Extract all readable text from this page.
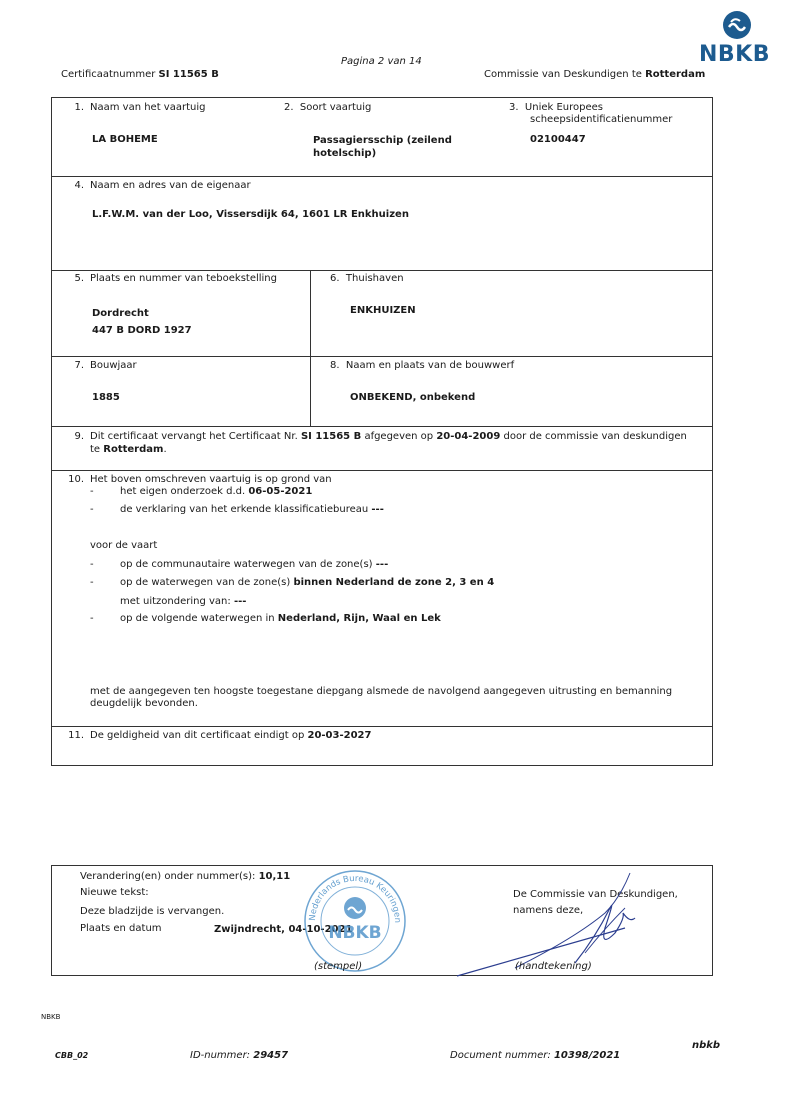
Pagina 2 van 14
Certificaatnummer SI 11565 B	Commissie van Deskundigen te Rotterdam
NBKB
1. Naam van het vaartuig
LA BOHEME
2. Soort vaartuig
Passagiersschip (zeilend
hotelschip)
3. Uniek Europees
scheepsidentificatienummer
02100447
4. Naam en adres van de eigenaar
L.F.W.M. van der Loo, Vissersdijk 64, 1601 LR Enkhuizen
5. Plaats en nummer van teboekstelling
Dordrecht
447 B DORD 1927
6. Thuishaven
ENKHUIZEN
7. Bouwjaar
1885
8. Naam en plaats van de bouwwerf
ONBEKEND, onbekend
9. Dit certificaat vervangt het Certificaat Nr. SI 11565 B afgegeven op 20-04-2009 door de commissie van deskundigen
te Rotterdam.
10. Het boven omschreven vaartuig is op grond van
-	het eigen onderzoek d.d. 06-05-2021
-	de verklaring van het erkende klassificatiebureau ---
voor de vaart
-	op de communautaire waterwegen van de zone(s) ---
-	op de waterwegen van de zone(s) binnen Nederland de zone 2, 3 en 4
met uitzondering van: ---
-	op de volgende waterwegen in Nederland, Rijn, Waal en Lek
met de aangegeven ten hoogste toegestane diepgang alsmede de navolgend aangegeven uitrusting en bemanning
deugdelijk bevonden.
11. De geldigheid van dit certificaat eindigt op 20-03-2027
Verandering(en) onder nummer(s): 10,11
Nieuwe tekst:
Deze bladzijde is vervangen.
Plaats en datum	Zwijndrecht, 04-10-2021
Nederlands Bureau Keuringen
NBKB
(stempel)
De Commissie van Deskundigen,
namens deze,
(handtekening)
NBKB
nbkb
CBB_02	ID-nummer: 29457	Document nummer: 10398/2021
